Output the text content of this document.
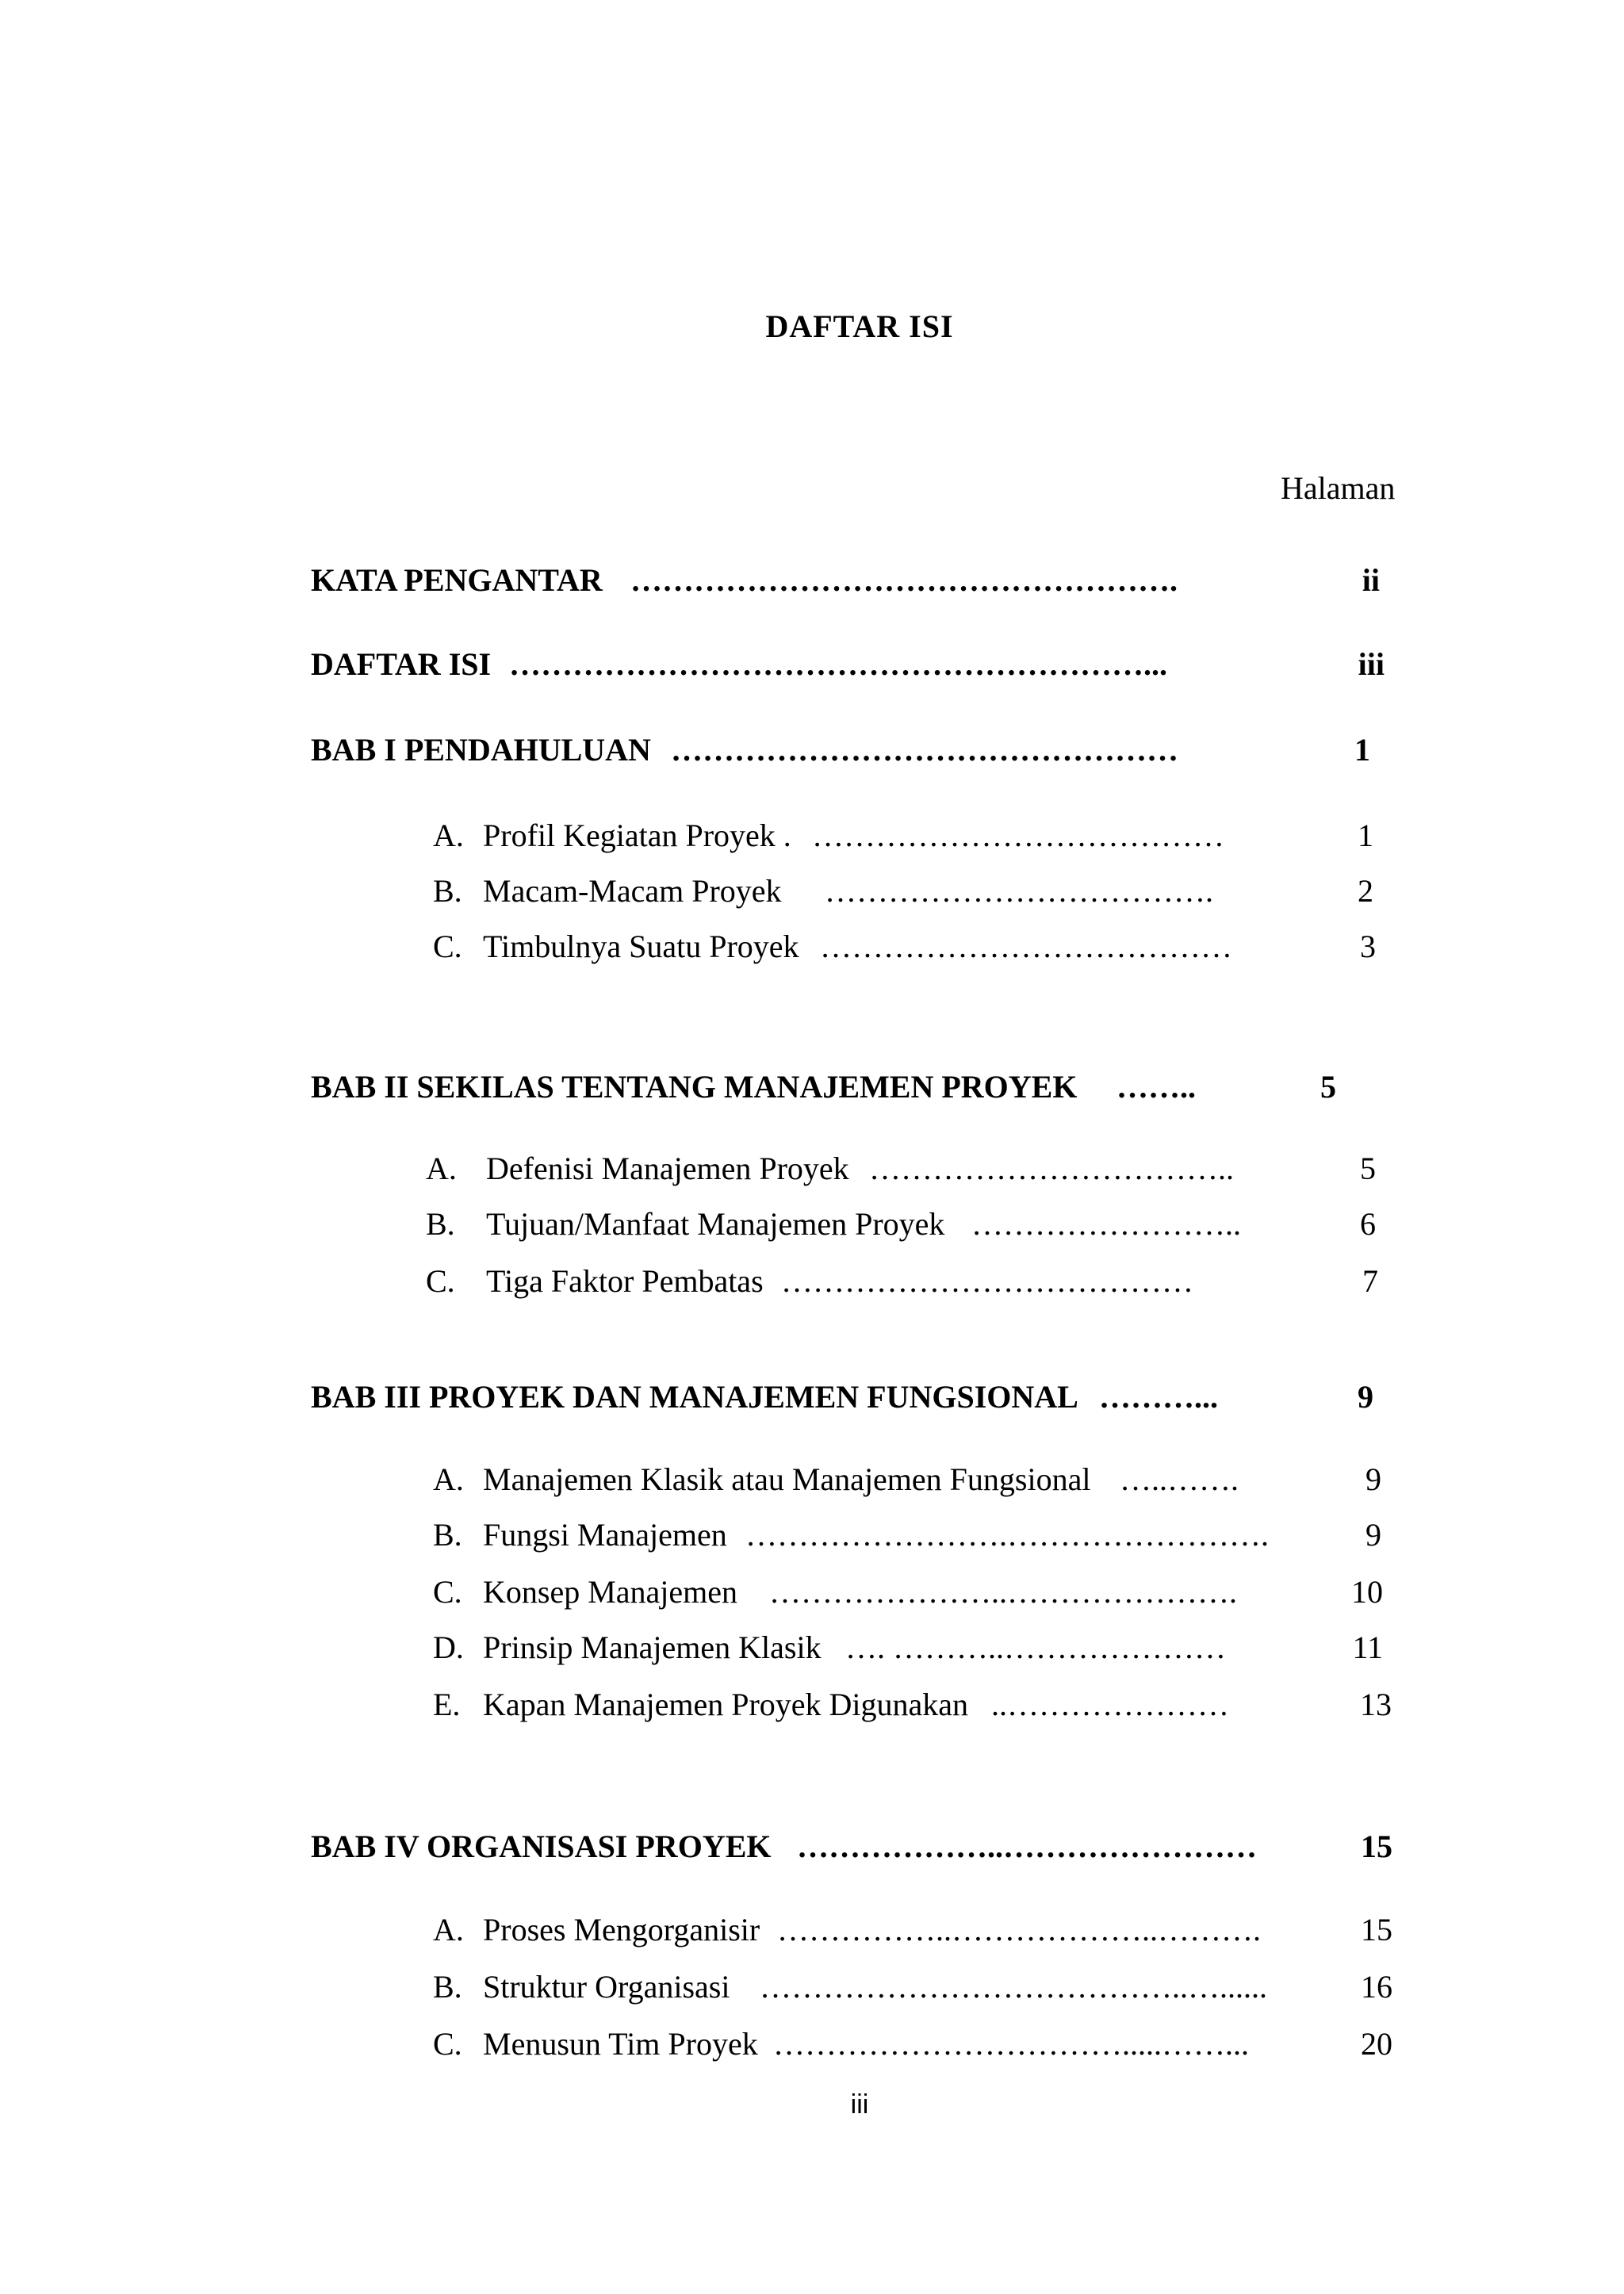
DAFTAR ISI
Halaman
KATA PENGANTAR …………………………………………….	ii
DAFTAR ISI ……………………………………………………...	iii
BAB I PENDAHULUAN …………………………………………	1
A. Profil Kegiatan Proyek . …………………………………	1
B. Macam-Macam Proyek ……………………………….	2
C. Timbulnya Suatu Proyek …………………………………	3
BAB II SEKILAS TENTANG MANAJEMEN PROYEK ……..	5
A. Defenisi Manajemen Proyek ……………………………..	5
B. Tujuan/Manfaat Manajemen Proyek ……………………..	6
C. Tiga Faktor Pembatas …………………………………	7
BAB III PROYEK DAN MANAJEMEN FUNGSIONAL ………...	9
A. Manajemen Klasik atau Manajemen Fungsional …..…….	9
B. Fungsi Manajemen …………………….…………………….	9
C. Konsep Manajemen …………………..………………….	10
D. Prinsip Manajemen Klasik …. ………..…………………	11
E. Kapan Manajemen Proyek Digunakan ..…………………	13
BAB IV ORGANISASI PROYEK ………………..……………………	15
A. Proses Mengorganisir ……………..………………..……….	15
B. Struktur Organisasi …………………………………..…......	16
C. Menusun Tim Proyek …………………………….....……...	20
iii
